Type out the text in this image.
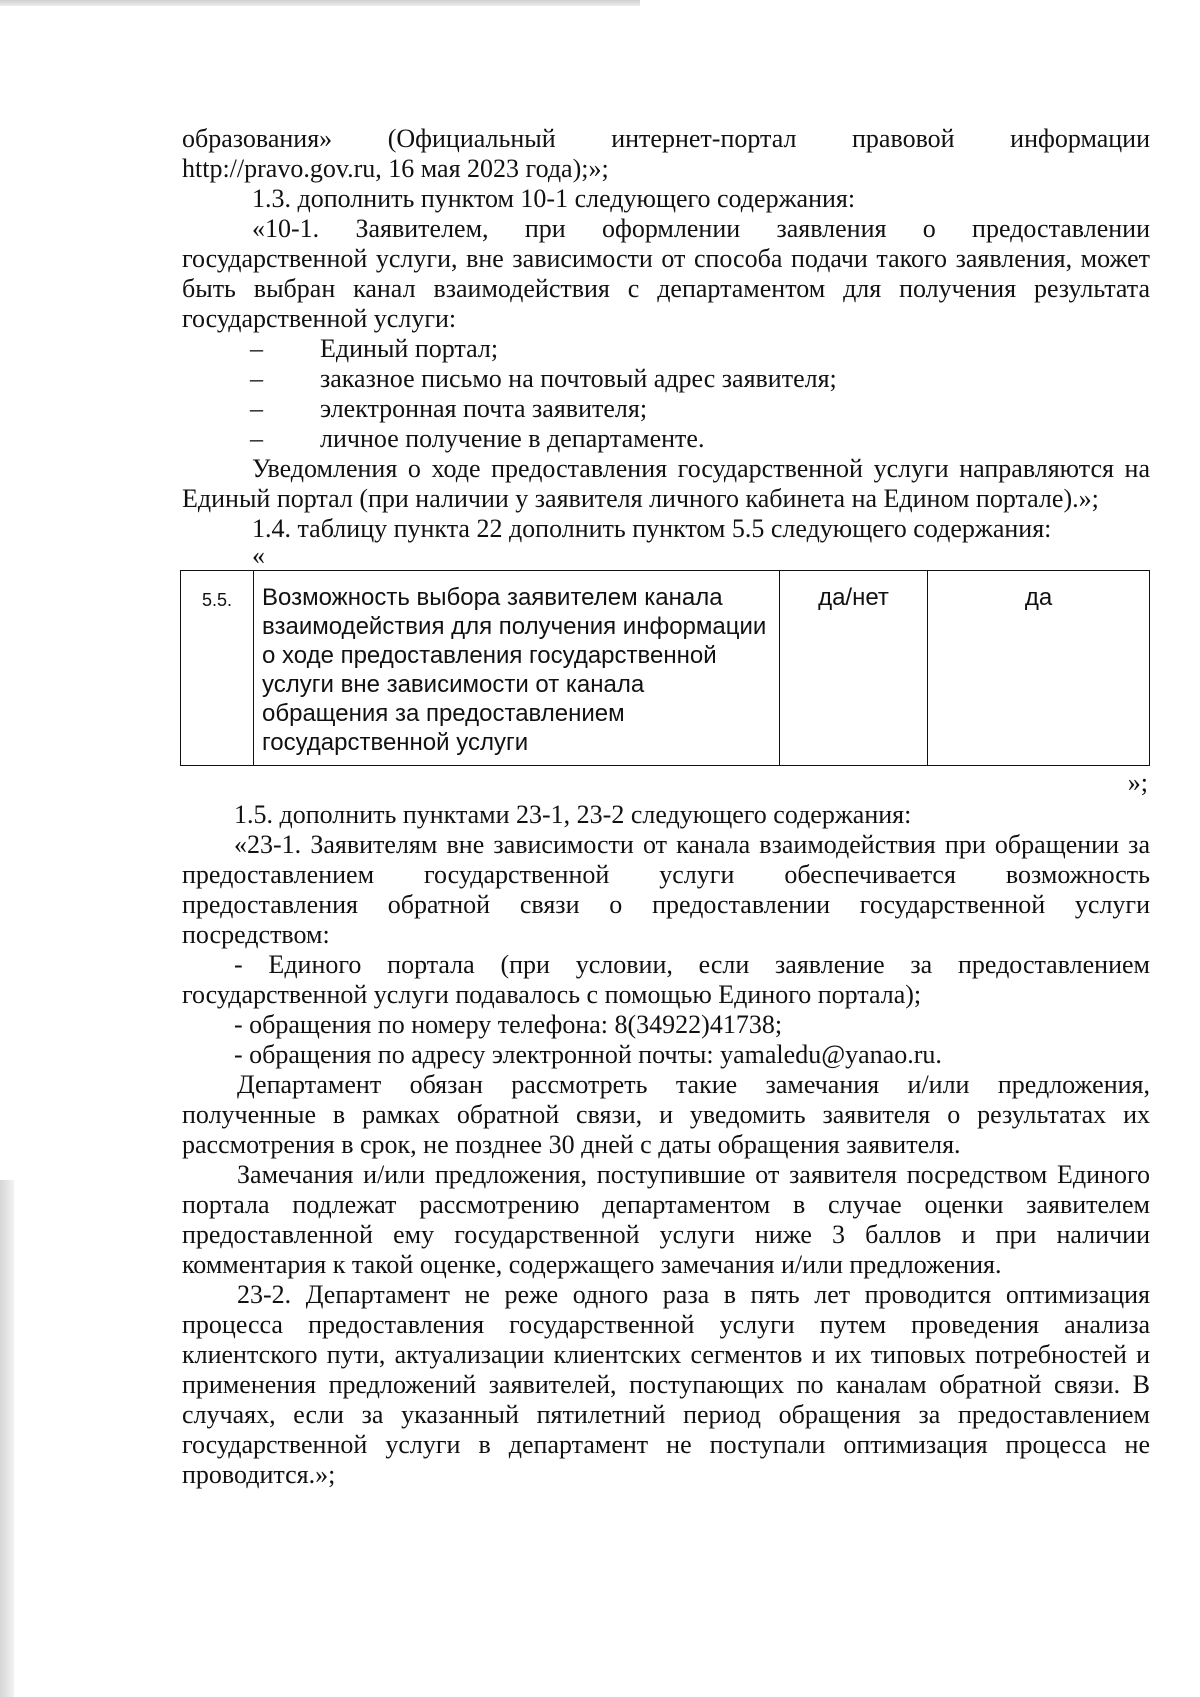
образования» (Официальный интернет-портал правовой информации

http://pravo.gov.ru, 16 мая 2023 года);»;

1.3. дополнить пунктом 10-1 следующего содержания:

«10-1. Заявителем, при оформлении заявления о предоставлении государственной услуги, вне зависимости от способа подачи такого заявления, может быть выбран канал взаимодействия с департаментом для получения результата государственной услуги:

–	Единый портал;
–	заказное письмо на почтовый адрес заявителя;
–	электронная почта заявителя;
–	личное получение в департаменте.

Уведомления о ходе предоставления государственной услуги направляются на Единый портал (при наличии у заявителя личного кабинета на Едином портале).»;

1.4. таблицу пункта 22 дополнить пунктом 5.5 следующего содержания:

«

5.5.	Возможность выбора заявителем канала взаимодействия для получения информации о ходе предоставления государственной услуги вне зависимости от канала обращения за предоставлением государственной услуги	да/нет	да

»;

1.5. дополнить пунктами 23-1, 23-2 следующего содержания:

«23-1. Заявителям вне зависимости от канала взаимодействия при обращении за предоставлением государственной услуги обеспечивается возможность предоставления обратной связи о предоставлении государственной услуги посредством:

- Единого портала (при условии, если заявление за предоставлением государственной услуги подавалось с помощью Единого портала);

- обращения по номеру телефона: 8(34922)41738;

- обращения по адресу электронной почты: yamaledu@yanao.ru.

Департамент обязан рассмотреть такие замечания и/или предложения, полученные в рамках обратной связи, и уведомить заявителя о результатах их рассмотрения в срок, не позднее 30 дней с даты обращения заявителя.

Замечания и/или предложения, поступившие от заявителя посредством Единого портала подлежат рассмотрению департаментом в случае оценки заявителем предоставленной ему государственной услуги ниже 3 баллов и при наличии комментария к такой оценке, содержащего замечания и/или предложения.

23-2. Департамент не реже одного раза в пять лет проводится оптимизация процесса предоставления государственной услуги путем проведения анализа клиентского пути, актуализации клиентских сегментов и их типовых потребностей и применения предложений заявителей, поступающих по каналам обратной связи. В случаях, если за указанный пятилетний период обращения за предоставлением государственной услуги в департамент не поступали оптимизация процесса не проводится.»;
